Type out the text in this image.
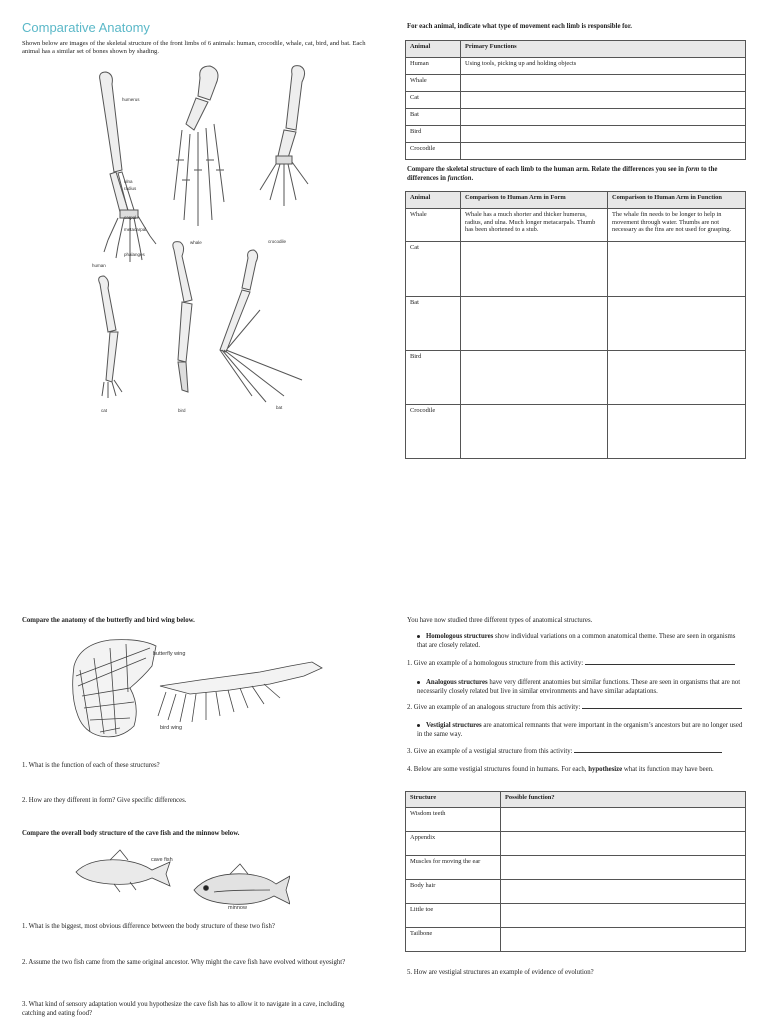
Comparative Anatomy
Shown below are images of the skeletal structure of the front limbs of 6 animals: human, crocodile, whale, cat, bird, and bat. Each animal has a similar set of bones shown by shading.
humerus
ulna
radius
carpal
metacarpal
phalanges
human
whale	crocodile
cat	bird
bat
For each animal, indicate what type of movement each limb is responsible for.
Animal	Primary Functions
Human	Using tools, picking up and holding objects
Whale	
Cat	
Bat	
Bird	
Crocodile	
Compare the skeletal structure of each limb to the human arm. Relate the differences you see in form to the differences in function.
Animal	Comparison to Human Arm in Form	Comparison to Human Arm in Function
Whale	Whale has a much shorter and thicker humerus, radius, and ulna. Much longer metacarpals. Thumb has been shortened to a stub.	The whale fin needs to be longer to help in movement through water. Thumbs are not necessary as the fins are not used for grasping.
Cat		
Bat		
Bird		
Crocodile		
Compare the anatomy of the butterfly and bird wing below.
butterfly wing
bird wing
1. What is the function of each of these structures?
2. How are they different in form? Give specific differences.
Compare the overall body structure of the cave fish and the minnow below.
cave fish
minnow
1. What is the biggest, most obvious difference between the body structure of these two fish?
2. Assume the two fish came from the same original ancestor. Why might the cave fish have evolved without eyesight?
3. What kind of sensory adaptation would you hypothesize the cave fish has to allow it to navigate in a cave, including catching and eating food?
You have now studied three different types of anatomical structures.
Homologous structures show individual variations on a common anatomical theme. These are seen in organisms that are closely related.
1. Give an example of a homologous structure from this activity:
Analogous structures have very different anatomies but similar functions. These are seen in organisms that are not necessarily closely related but live in similar environments and have similar adaptations.
2. Give an example of an analogous structure from this activity:
Vestigial structures are anatomical remnants that were important in the organism’s ancestors but are no longer used in the same way.
3. Give an example of a vestigial structure from this activity:
4. Below are some vestigial structures found in humans. For each, hypothesize what its function may have been.
Structure	Possible function?
Wisdom teeth	
Appendix	
Muscles for moving the ear	
Body hair	
Little toe	
Tailbone	
5. How are vestigial structures an example of evidence of evolution?
